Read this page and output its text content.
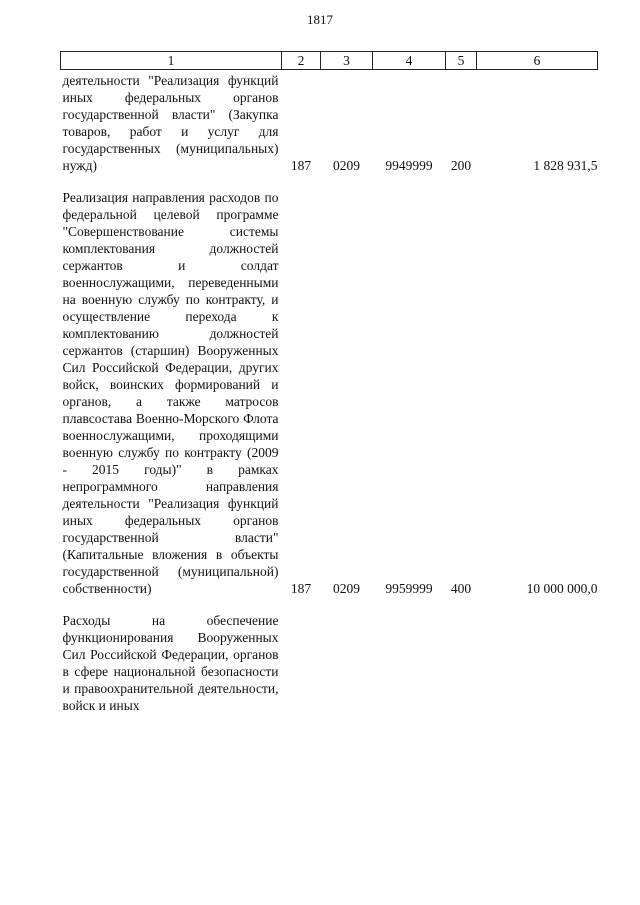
1817
1	2	3	4	5	6
деятельности "Реализация функций иных федеральных органов государственной власти" (Закупка товаров, работ и услуг для государственных (муниципальных) нужд)	187	0209	9949999	200	1 828 931,5
Реализация направления расходов по федеральной целевой программе "Совершенствование системы комплектования должностей сержантов и солдат военнослужащими, переведенными на военную службу по контракту, и осуществление перехода к комплектованию должностей сержантов (старшин) Вооруженных Сил Российской Федерации, других войск, воинских формирований и органов, а также матросов плавсостава Военно-Морского Флота военнослужащими, проходящими военную службу по контракту (2009 - 2015 годы)" в рамках непрограммного направления деятельности "Реализация функций иных федеральных органов государственной власти" (Капитальные вложения в объекты государственной (муниципальной) собственности)	187	0209	9959999	400	10 000 000,0
Расходы на обеспечение функционирования Вооруженных Сил Российской Федерации, органов в сфере национальной безопасности и правоохранительной деятельности, войск и иных					
